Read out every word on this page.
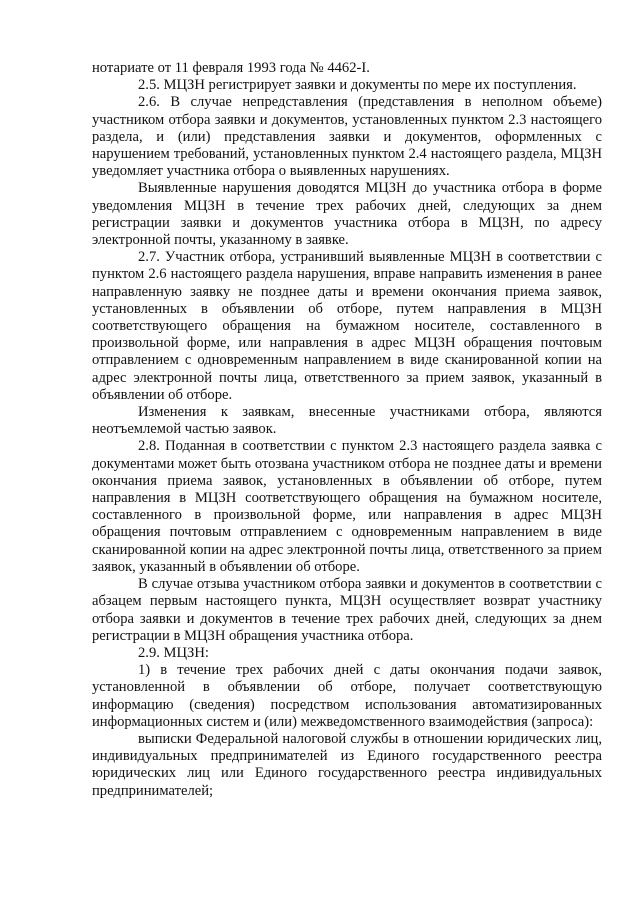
нотариате от 11 февраля 1993 года № 4462-I.

2.5. МЦЗН регистрирует заявки и документы по мере их поступления.

2.6. В случае непредставления (представления в неполном объеме) участником отбора заявки и документов, установленных пунктом 2.3 настоящего раздела, и (или) представления заявки и документов, оформленных с нарушением требований, установленных пунктом 2.4 настоящего раздела, МЦЗН уведомляет участника отбора о выявленных нарушениях.

Выявленные нарушения доводятся МЦЗН до участника отбора в форме уведомления МЦЗН в течение трех рабочих дней, следующих за днем регистрации заявки и документов участника отбора в МЦЗН, по адресу электронной почты, указанному в заявке.

2.7. Участник отбора, устранивший выявленные МЦЗН в соответствии с пунктом 2.6 настоящего раздела нарушения, вправе направить изменения в ранее направленную заявку не позднее даты и времени окончания приема заявок, установленных в объявлении об отборе, путем направления в МЦЗН соответствующего обращения на бумажном носителе, составленного в произвольной форме, или направления в адрес МЦЗН обращения почтовым отправлением с одновременным направлением в виде сканированной копии на адрес электронной почты лица, ответственного за прием заявок, указанный в объявлении об отборе.

Изменения к заявкам, внесенные участниками отбора, являются неотъемлемой частью заявок.

2.8. Поданная в соответствии с пунктом 2.3 настоящего раздела заявка с документами может быть отозвана участником отбора не позднее даты и времени окончания приема заявок, установленных в объявлении об отборе, путем направления в МЦЗН соответствующего обращения на бумажном носителе, составленного в произвольной форме, или направления в адрес МЦЗН обращения почтовым отправлением с одновременным направлением в виде сканированной копии на адрес электронной почты лица, ответственного за прием заявок, указанный в объявлении об отборе.

В случае отзыва участником отбора заявки и документов в соответствии с абзацем первым настоящего пункта, МЦЗН осуществляет возврат участнику отбора заявки и документов в течение трех рабочих дней, следующих за днем регистрации в МЦЗН обращения участника отбора.

2.9. МЦЗН:

1) в течение трех рабочих дней с даты окончания подачи заявок, установленной в объявлении об отборе, получает соответствующую информацию (сведения) посредством использования автоматизированных информационных систем и (или) межведомственного взаимодействия (запроса):

выписки Федеральной налоговой службы в отношении юридических лиц, индивидуальных предпринимателей из Единого государственного реестра юридических лиц или Единого государственного реестра индивидуальных предпринимателей;
